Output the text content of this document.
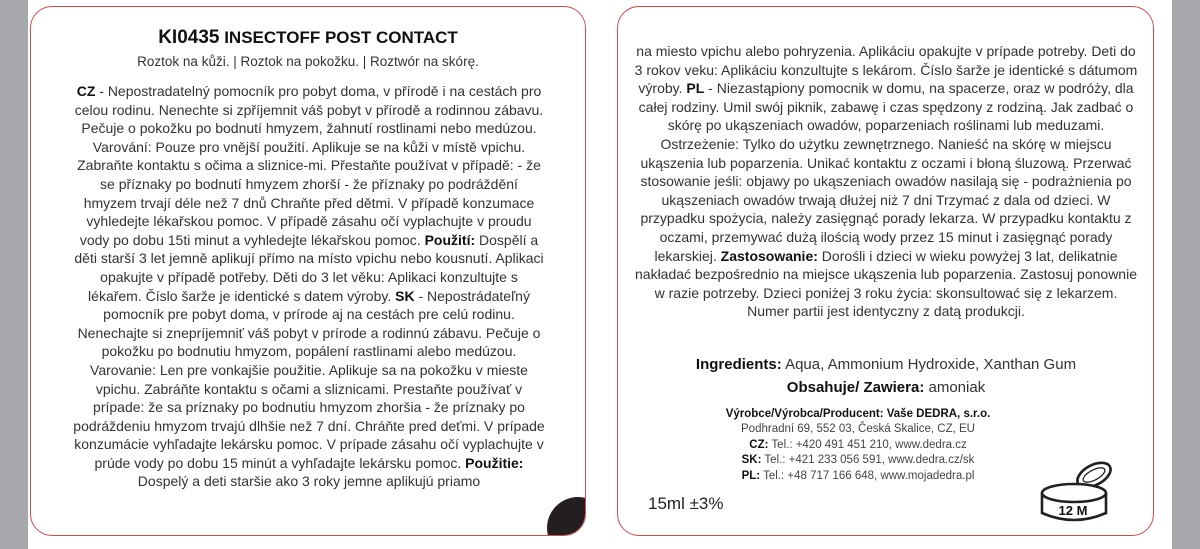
KI0435 INSECTOFF POST CONTACT
Roztok na kůži. | Roztok na pokožku. | Roztwór na skórę.
CZ - Nepostradatelný pomocník pro pobyt doma, v přírodě i na cestách pro celou rodinu. Nenechte si zpříjemnit váš pobyt v přírodě a rodinnou zábavu. Pečuje o pokožku po bodnutí hmyzem, žahnutí rostlinami nebo medúzou. Varování: Pouze pro vnější použití. Aplikuje se na kůži v místě vpichu. Zabraňte kontaktu s očima a sliznice-mi. Přestaňte používat v případě: - že se příznaky po bodnutí hmyzem zhorší - že příznaky po podráždění hmyzem trvají déle než 7 dnů Chraňte před dětmi. V případě konzumace vyhledejte lékařskou pomoc. V případě zásahu očí vyplachujte v proudu vody po dobu 15ti minut a vyhledejte lékařskou pomoc. Použití: Dospělí a děti starší 3 let jemně aplikují přímo na místo vpichu nebo kousnutí. Aplikaci opakujte v případě potřeby. Děti do 3 let věku: Aplikaci konzultujte s lékařem. Číslo šarže je identické s datem výroby. SK - Nepostrádateľný pomocník pre pobyt doma, v prírode aj na cestách pre celú rodinu. Nenechajte si znepríjemniť váš pobyt v prírode a rodinnú zábavu. Pečuje o pokožku po bodnutiu hmyzom, popálení rastlinami alebo medúzou. Varovanie: Len pre vonkajšie použitie. Aplikuje sa na pokožku v mieste vpichu. Zabráňte kontaktu s očami a sliznicami. Prestaňte používať v prípade: že sa príznaky po bodnutiu hmyzom zhoršia - že príznaky po podráždeniu hmyzom trvajú dlhšie než 7 dní. Chráňte pred deťmi. V prípade konzumácie vyhľadajte lekársku pomoc. V prípade zásahu očí vyplachujte v prúde vody po dobu 15 minút a vyhľadajte lekársku pomoc. Použitie: Dospelý a deti staršie ako 3 roky jemne aplikujú priamo
na miesto vpichu alebo pohryzenia. Aplikáciu opakujte v prípade potreby. Deti do 3 rokov veku: Aplikáciu konzultujte s lekárom. Číslo šarže je identické s dátumom výroby. PL - Niezastąpiony pomocnik w domu, na spacerze, oraz w podróży, dla całej rodziny. Umil swój piknik, zabawę i czas spędzony z rodziną. Jak zadbać o skórę po ukąszeniach owadów, poparzeniach roślinami lub meduzami. Ostrzeżenie: Tylko do użytku zewnętrznego. Nanieść na skórę w miejscu ukąszenia lub poparzenia. Unikać kontaktu z oczami i błoną śluzową. Przerwać stosowanie jeśli: objawy po ukąszeniach owadów nasilają się - podrażnienia po ukąszeniach owadów trwają dłużej niż 7 dni Trzymać z dala od dzieci. W przypadku spożycia, należy zasięgnąć porady lekarza. W przypadku kontaktu z oczami, przemywać dużą ilością wody przez 15 minut i zasięgnąć porady lekarskiej. Zastosowanie: Dorośli i dzieci w wieku powyżej 3 lat, delikatnie nakładać bezpośrednio na miejsce ukąszenia lub poparzenia. Zastosuj ponownie w razie potrzeby. Dzieci poniżej 3 roku życia: skonsultować się z lekarzem. Numer partii jest identyczny z datą produkcji.
Ingredients: Aqua, Ammonium Hydroxide, Xanthan Gum
Obsahuje/ Zawiera: amoniak
Výrobce/Výrobca/Producent: Vaše DEDRA, s.r.o.
Podhradní 69, 552 03, Česká Skalice, CZ, EU
CZ: Tel.: +420 491 451 210, www.dedra.cz
SK: Tel.: +421 233 056 591, www.dedra.cz/sk
PL: Tel.: +48 717 166 648, www.mojadedra.pl
15ml ±3%	12 M
